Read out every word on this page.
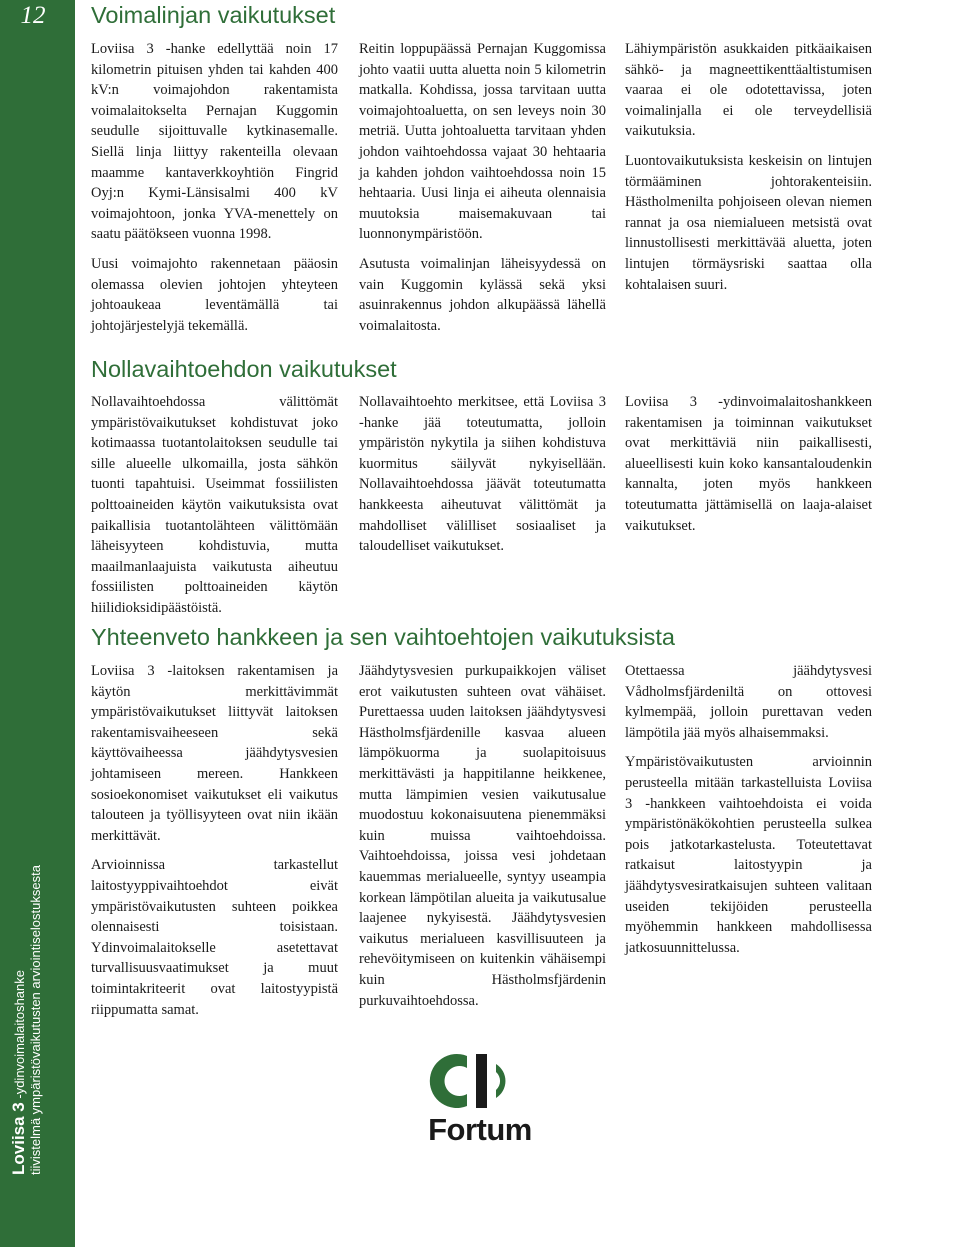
12
Loviisa 3 -ydinvoimalaitoshanke tiivistelmä ympäristövaikutusten arviointiselostuksesta
Voimalinjan vaikutukset

Loviisa 3 -hanke edellyttää noin 17 kilometrin pituisen yhden tai kahden 400 kV:n voimajohdon rakentamista voimalaitokselta Pernajan Kuggomin seudulle sijoittuvalle kytkinasemalle. Siellä linja liittyy rakenteilla olevaan maamme kantaverkkoyhtiön Fingrid Oyj:n Kymi-Länsisalmi 400 kV voimajohtoon, jonka YVA-menettely on saatu päätökseen vuonna 1998.

Uusi voimajohto rakennetaan pääosin olemassa olevien johtojen yhteyteen johtoaukeaa leventämällä tai johtojärjestelyjä tekemällä.

Reitin loppupäässä Pernajan Kuggomissa johto vaatii uutta aluetta noin 5 kilometrin matkalla. Kohdissa, jossa tarvitaan uutta voimajohtoaluetta, on sen leveys noin 30 metriä. Uutta johtoaluetta tarvitaan yhden johdon vaihtoehdossa vajaat 30 hehtaaria ja kahden johdon vaihtoehdossa noin 15 hehtaaria. Uusi linja ei aiheuta olennaisia muutoksia maisemakuvaan tai luonnonympäristöön.

Asutusta voimalinjan läheisyydessä on vain Kuggomin kylässä sekä yksi asuinrakennus johdon alkupäässä lähellä voimalaitosta.

Lähiympäristön asukkaiden pitkäaikaisen sähkö- ja magneettikenttäaltistumisen vaaraa ei ole odotettavissa, joten voimalinjalla ei ole terveydellisiä vaikutuksia.

Luontovaikutuksista keskeisin on lintujen törmääminen johtorakenteisiin. Hästholmenilta pohjoiseen olevan niemen rannat ja osa niemialueen metsistä ovat linnustollisesti merkittävää aluetta, joten lintujen törmäysriski saattaa olla kohtalaisen suuri.

Nollavaihtoehdon vaikutukset

Nollavaihtoehdossa välittömät ympäristövaikutukset kohdistuvat joko kotimaassa tuotantolaitoksen seudulle tai sille alueelle ulkomailla, josta sähkön tuonti tapahtuisi. Useimmat fossiilisten polttoaineiden käytön vaikutuksista ovat paikallisia tuotantolähteen välittömään läheisyyteen kohdistuvia, mutta maailmanlaajuista vaikutusta aiheutuu fossiilisten polttoaineiden käytön hiilidioksidipäästöistä.

Nollavaihtoehto merkitsee, että Loviisa 3 -hanke jää toteutumatta, jolloin ympäristön nykytila ja siihen kohdistuva kuormitus säilyvät nykyisellään. Nollavaihtoehdossa jäävät toteutumatta hankkeesta aiheutuvat välittömät ja mahdolliset välilliset sosiaaliset ja taloudelliset vaikutukset.

Loviisa 3 -ydinvoimalaitoshankkeen rakentamisen ja toiminnan vaikutukset ovat merkittäviä niin paikallisesti, alueellisesti kuin koko kansantaloudenkin kannalta, joten myös hankkeen toteutumatta jättämisellä on laaja-alaiset vaikutukset.

Yhteenveto hankkeen ja sen vaihtoehtojen vaikutuksista

Loviisa 3 -laitoksen rakentamisen ja käytön merkittävimmät ympäristövaikutukset liittyvät laitoksen rakentamisvaiheeseen sekä käyttövaiheessa jäähdytysvesien johtamiseen mereen. Hankkeen sosioekonomiset vaikutukset eli vaikutus talouteen ja työllisyyteen ovat niin ikään merkittävät.

Arvioinnissa tarkastellut laitostyyppivaihtoehdot eivät ympäristövaikutusten suhteen poikkea olennaisesti toisistaan. Ydinvoimalaitokselle asetettavat turvallisuusvaatimukset ja muut toimintakriteerit ovat laitostyypistä riippumatta samat.

Jäähdytysvesien purkupaikkojen väliset erot vaikutusten suhteen ovat vähäiset. Purettaessa uuden laitoksen jäähdytysvesi Hästholmsfjärdenille kasvaa alueen lämpökuorma ja suolapitoisuus merkittävästi ja happitilanne heikkenee, mutta lämpimien vesien vaikutusalue muodostuu kokonaisuutena pienemmäksi kuin muissa vaihtoehdoissa. Vaihtoehdoissa, joissa vesi johdetaan kauemmas merialueelle, syntyy useampia korkean lämpötilan alueita ja vaikutusalue laajenee nykyisestä. Jäähdytysvesien vaikutus merialueen kasvillisuuteen ja rehevöitymiseen on kuitenkin vähäisempi kuin Hästholmsfjärdenin purkuvaihtoehdossa.

Otettaessa jäähdytysvesi Vådholmsfjärdeniltä on ottovesi kylmempää, jolloin purettavan veden lämpötila jää myös alhaisemmaksi.

Ympäristövaikutusten arvioinnin perusteella mitään tarkastelluista Loviisa 3 -hankkeen vaihtoehdoista ei voida ympäristönäkökohtien perusteella sulkea pois jatkotarkastelusta. Toteutettavat ratkaisut laitostyypin ja jäähdytysvesiratkaisujen suhteen valitaan useiden tekijöiden perusteella myöhemmin hankkeen mahdollisessa jatkosuunnittelussa.

Fortum
